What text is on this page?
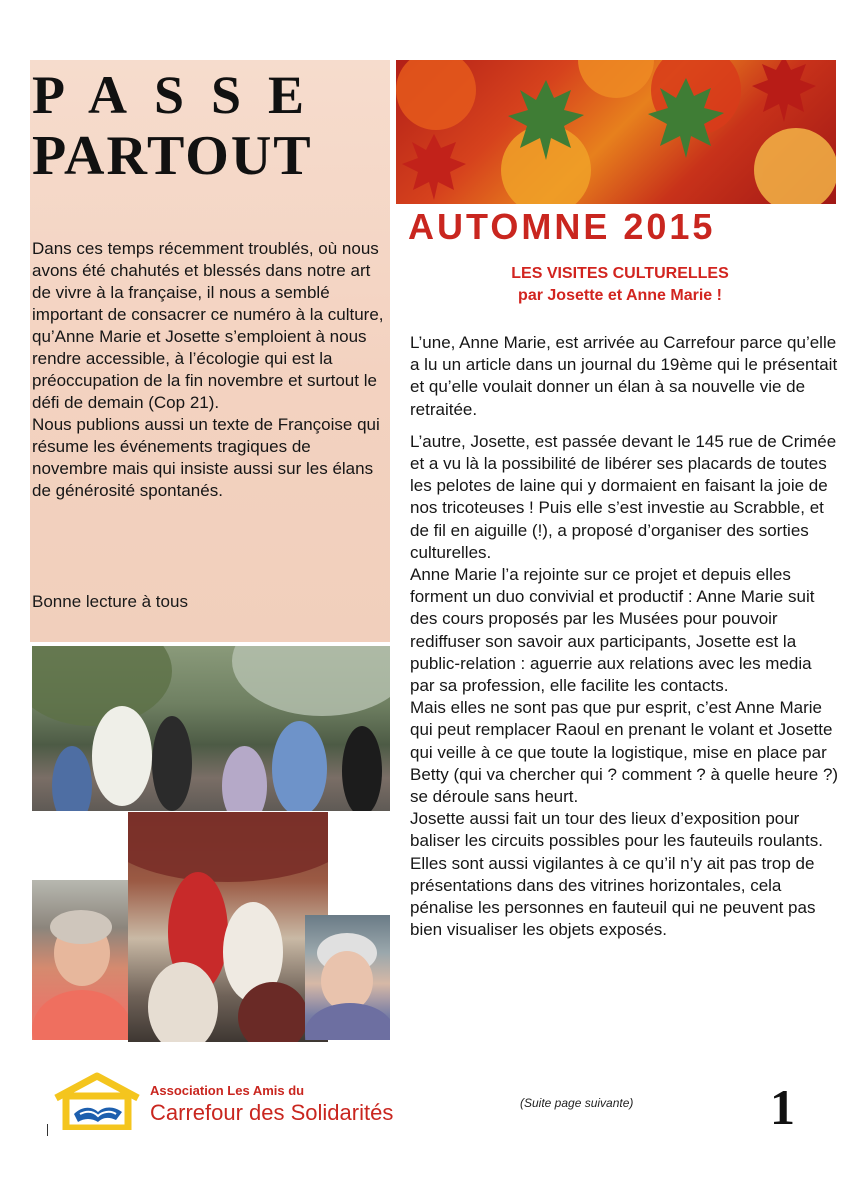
PASSE
PARTOUT

Dans ces temps récemment troublés, où nous avons été chahutés et blessés dans notre art de vivre à la française, il nous a semblé important de consacrer ce numéro à la culture, qu’Anne Marie et Josette s’emploient à nous rendre accessible, à l’écologie qui est la préoccupation de la fin novembre et surtout le défi de demain (Cop 21).

Nous publions aussi un texte de Françoise qui résume les événements tragiques de novembre mais qui insiste aussi sur les élans de générosité spontanés.

Bonne lecture à tous

AUTOMNE 2015
LES VISITES CULTURELLES
par Josette et Anne Marie !

L’une, Anne Marie, est arrivée au Carrefour parce qu’elle a lu un article dans un journal du 19ème qui le présentait et qu’elle voulait donner un élan à sa nouvelle vie de retraitée.

L’autre, Josette, est passée devant le 145 rue de Crimée et a vu là la possibilité de libérer ses placards de toutes les pelotes de laine qui y dormaient en faisant la joie de nos tricoteuses ! Puis elle s’est investie au Scrabble, et de fil en aiguille (!), a proposé d’organiser des sorties culturelles.

Anne Marie l’a rejointe sur ce projet et depuis elles forment un duo convivial et productif : Anne Marie suit des cours proposés par les Musées pour pouvoir rediffuser son savoir aux participants, Josette est la public-relation : aguerrie aux relations avec les media par sa profession, elle facilite les contacts.

Mais elles ne sont pas que pur esprit, c’est Anne Marie qui peut remplacer Raoul en prenant le volant et Josette qui veille à ce que toute la logistique, mise en place par Betty (qui va chercher qui ? comment ? à quelle heure ?) se déroule sans heurt.

Josette aussi fait un tour des lieux d’exposition pour baliser les circuits possibles pour les fauteuils roulants. Elles sont aussi vigilantes à ce qu’il n’y ait pas trop de présentations dans des vitrines horizontales, cela pénalise les personnes en fauteuil qui ne peuvent pas bien visualiser les objets exposés.

Association Les Amis du
Carrefour des Solidarités	(Suite page suivante)	1
